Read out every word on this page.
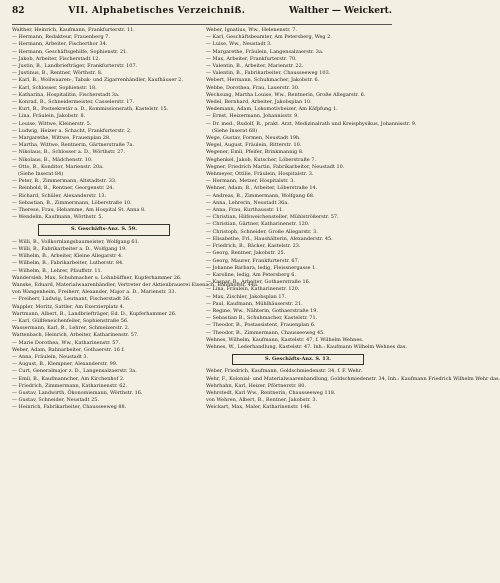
82	VII. Alphabetisches Verzeichniß.	Walther — Weickert.
Walther, Heinrich, Kaufmann, Frankfurterstr. 11.
— Hermann, Redakteur, Frauenberg 7.
— Hermann, Arbeiter, Fischerthor 34.
— Hermann, Geschäftsgehilfe, Sophienstr. 21.
— Jakob, Arbeiter, Fischerstadt 12.
— Justin, B., Landbriefträger, Frankfurterstr. 107.
— Justinus, B., Rentner, Wörthstr. 8.
— Karl, B., Wollwaaren-, Tabak- und Zigarrenhändler, Kaufhäuser 2.
— Karl, Schlosser, Sophienstr. 18.
— Katharina, Hospitalitin, Fischerstadt 3a.
— Konrad, B., Schneidermeister, Casselerstr. 17.
— Kurt, B., Postsekretär a. D., Kommissionsrath, Kastelstr. 15.
— Lina, Fräulein, Jakobstr. 8.
— Louise, Wittwe, Kleinerstr. 5.
— Ludwig, Heizer a. Schacht, Frankfurterstr. 2.
— Margarethe, Wittwe, Frauenplan 28.
— Martha, Wittwe, Rentnerin, Gärtnerstraße 7a.
— Nikolaus, B., Schlosser a. D., Wörthstr. 27.
— Nikolaus, B., Mädchenstr. 10.
— Otto, B., Konditor, Marienstr. 20a.
(Siehe Inserat 84)
— Peter, B., Zimmermann, Altstadtstr. 33.
— Reinhold, B., Rentner, Georgenstr. 24.
— Richard, Schüler, Alexanderstr. 13.
— Sebastian, B., Zimmermann, Löberstraße 10.
— Therese, Frau, Hebamme, Am Hospital St. Anna 8.
— Wendelin, Kaufmann, Wörthstr. 5.
S. Geschäfts-Anz. S. 59.
— Willi, B., Vollkornlangsbaumeister, Wolfgang 61.
— Willi, B., Fabrikarbeiter a. D., Wolfgang 19.
— Wilhelm, B., Arbeiter, Kleine Allegarstr 4.
— Wilhelm, B., Fabrikarbeiter, Lutherstr. 84.
— Wilhelm, B., Lehrer, Pfauffstr. 11.
Wandersleb, Max, Schuhmacher u. Lohnbüffner, Kupferhammer 26.
Wanske, Eduard, Materialwaarenhändler, Vertreter der Aktienbrauerei Eisenach, Bahnhofstr. 44a.
von Wangenheim, Freiherr, Alexander, Major a. D., Marienstr. 33.
— Freiherr, Ludwig, Leutnant, Fischerstadt 36.
Wappler, Moritz, Sattler, Am Exerzierplatz 4.
Wartmann, Albert, B., Landbriefträger, Ed. D., Kupferhammer 26.
— Karl, Güllfeneichenfeiler, Sophienstraße 56.
Wassermann, Karl, B., Lehrer, Schmelzerstr. 2.
Wattenbach, Heinrich, Arbeiter, Katharinenstr. 57.
— Marie Dorothea, Ww., Katharinenstr. 57.
Weber, Adam, Bahnarbeiter, Gothaerstr. 16 f.
— Anna, Fräulein, Neustadt 3.
— August, B., Klempner, Alexanderstr. 99.
— Curt, Generalmajor z. D., Langensalzaerstr. 3a.
— Emil, B., Kaufmanncher, Am Kirchenhof 2.
— Friedrich, Zimmermann, Katharinenstr. 62.
— Gustav, Landwirth, Ökonomiemann, Wörthstr. 16.
— Gustav, Schneider, Neustadt 25.
— Heinrich, Fabrikarbeiter, Chausseeweg 88.
Weber, Ignatius, Ww., Helenenstr. 7.
— Karl, Geschäftsbeamter, Am Petersberg, Weg 2.
— Luise, Ww., Neustadt 3.
— Margarethe, Fräulein, Langensalzaerstr. 3a.
— Max, Arbeiter, Frankfurterstr. 70.
— Valentin, B., Arbeiter, Marienstr. 22.
— Valentin, B., Fabrikarbeiter, Chausseeweg 103.
Webert, Hermann, Schuhmacher, Jakobstr. 6.
Webbe, Dorothea, Frau, Lauerstr. 30.
Wechsung, Martha Louise, Ww., Rentnerin, Große Allegarstr. 6.
Wedel, Bernhard, Arbeiter, Jakobsplan 10.
Wedemann, Adam, Lokomotivheizer, Am Käfpfung 1.
— Ernst, Heizermann, Johannisstr. 9.
— Dr. med., Rudolf, B., prakt. Arzt, Medizinalrath und Kreisphysikus, Johannisstr. 9.
(Siehe Inserat 68)
Wege, Gustav, Formen, Neustadt 19h.
Wegel, August, Fräulein, Ritterstr. 10.
Wegener, Emil, Pfeifer, Brinkmannig 8.
Weghenkel, Jakob, Kutscher, Löberstraße 7.
Wegner, Friedrich Martin, Fabrikarbeiter, Neustadt 10.
Wehmeyer, Ottilie, Fräulein, Hospitalstr. 3.
— Hermann, Metzer, Hospitalstr. 3.
Wehner, Adam, B., Arbeiter, Löberstraße 14.
— Andreas, B., Zimmermann, Wolfgang 68.
— Anna, Lehrerin, Neustadt 36a.
— Anna, Frau, Kurthausstr. 11.
— Christian, Hilfsweichensteller, Mühlströßerstr. 57.
— Christian, Gärtner, Katharinenstr. 120.
— Christoph, Schneider, Große Allegarstr. 3.
— Elisabethe, Frl., Haushälterin, Alexanderstr. 45.
— Friedrich, B., Bäcker, Kastelstr. 23.
— Georg, Rentner, Jakobstr. 25.
— Georg, Maurer, Frankfurterstr. 67.
— Johanne Barbara, ledig, Fleissnergasse 1.
— Karoline, ledig, Am Petersberg 6.
— Kaspar, B., Arbeiter, Gothaerstraße 16.
— Lina, Fräulein, Katharinenstr. 120.
— Max, Zischler, Jakobsplan 17.
— Paul, Kaufmann, Mühlhäuserstr. 21.
— Regine, Ww., Nähterin, Gothaerstraße 19.
— Sebastian B., Schuhmacher, Kastelstr. 71.
— Theodor, B., Postassistent, Frauenplan 6.
— Theodor, B., Zimmermann, Chausseeweg 45.
Wehnes, Wilhelm, Kaufmann, Kastelstr. 47, f. Wilhelm Wehnes.
Wehnes, W., Lederhandlung, Kastelstr. 47. Inh.: Kaufmann Wilhelm Wehnes das.
S. Geschäfts-Anz. S. 13.
Weber, Friedrich, Kaufmann, Goldschmiedenstr. 34, f. F. Wehr.
Wehr, F., Kolonial- und Materialwaarenhandlung, Goldschmiedenstr. 34, Inh.: Kaufmann Friedrich Wilhelm Wehr das.
Wehrhahn, Karl, Heizer, Pförtnerstr. 80.
Wehrstedt, Karl Ww., Rentnerin, Chausseeweg 118.
von Wehren, Albert, B., Rentner, Jakobstr. 3.
Weickart, Max, Maler, Katharinenstr. 146.
